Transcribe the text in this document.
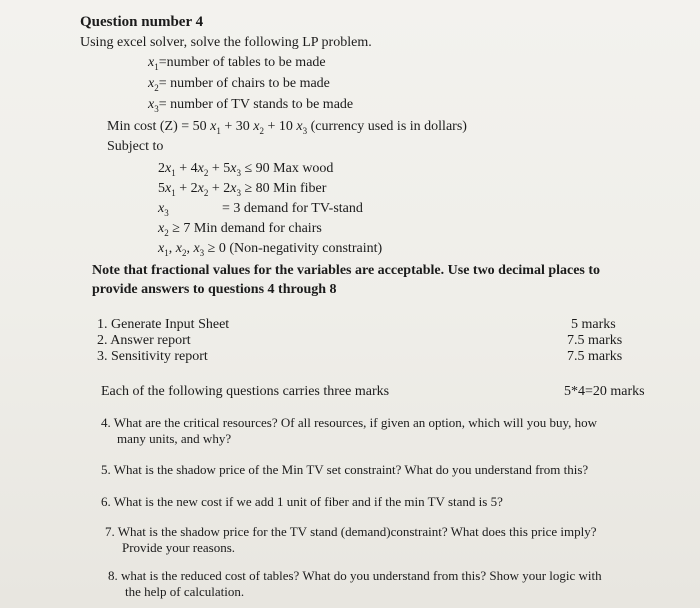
Question number 4
Using excel solver, solve the following LP problem.
$x_1=number$ of tables to be made
$x_2=$ number of chairs to be made
$x_3=$ number of TV stands to be made
Min cost (Z) = 50 $x_1 + 30$ $x_2 + 10$ $x_3$ (currency used is in dollars)
Subject to
$2x_1 + 4x_2 + 5x_3 \le 90$ Max wood
$5x_1 + 2x_2 + 2x_3 \ge 80$ Min fiber
$x_3$	= 3 demand for TV-stand
$x_2 \ge 7$ Min demand for chairs
$x_1$, $x_2$, $x_3 \ge 0$ (Non-negativity constraint)
Note that fractional values for the variables are acceptable. Use two decimal places to
provide answers to questions 4 through 8
1. Generate Input Sheet	5 marks
2. Answer report	7.5 marks
3. Sensitivity report	7.5 marks
Each of the following questions carries three marks	5*4=20 marks
4. What are the critical resources? Of all resources, if given an option, which will you buy, how
many units, and why?
5. What is the shadow price of the Min TV set constraint? What do you understand from this?
6. What is the new cost if we add 1 unit of fiber and if the min TV stand is 5?
7. What is the shadow price for the TV stand (demand)constraint? What does this price imply?
Provide your reasons.
8. what is the reduced cost of tables? What do you understand from this? Show your logic with
the help of calculation.
